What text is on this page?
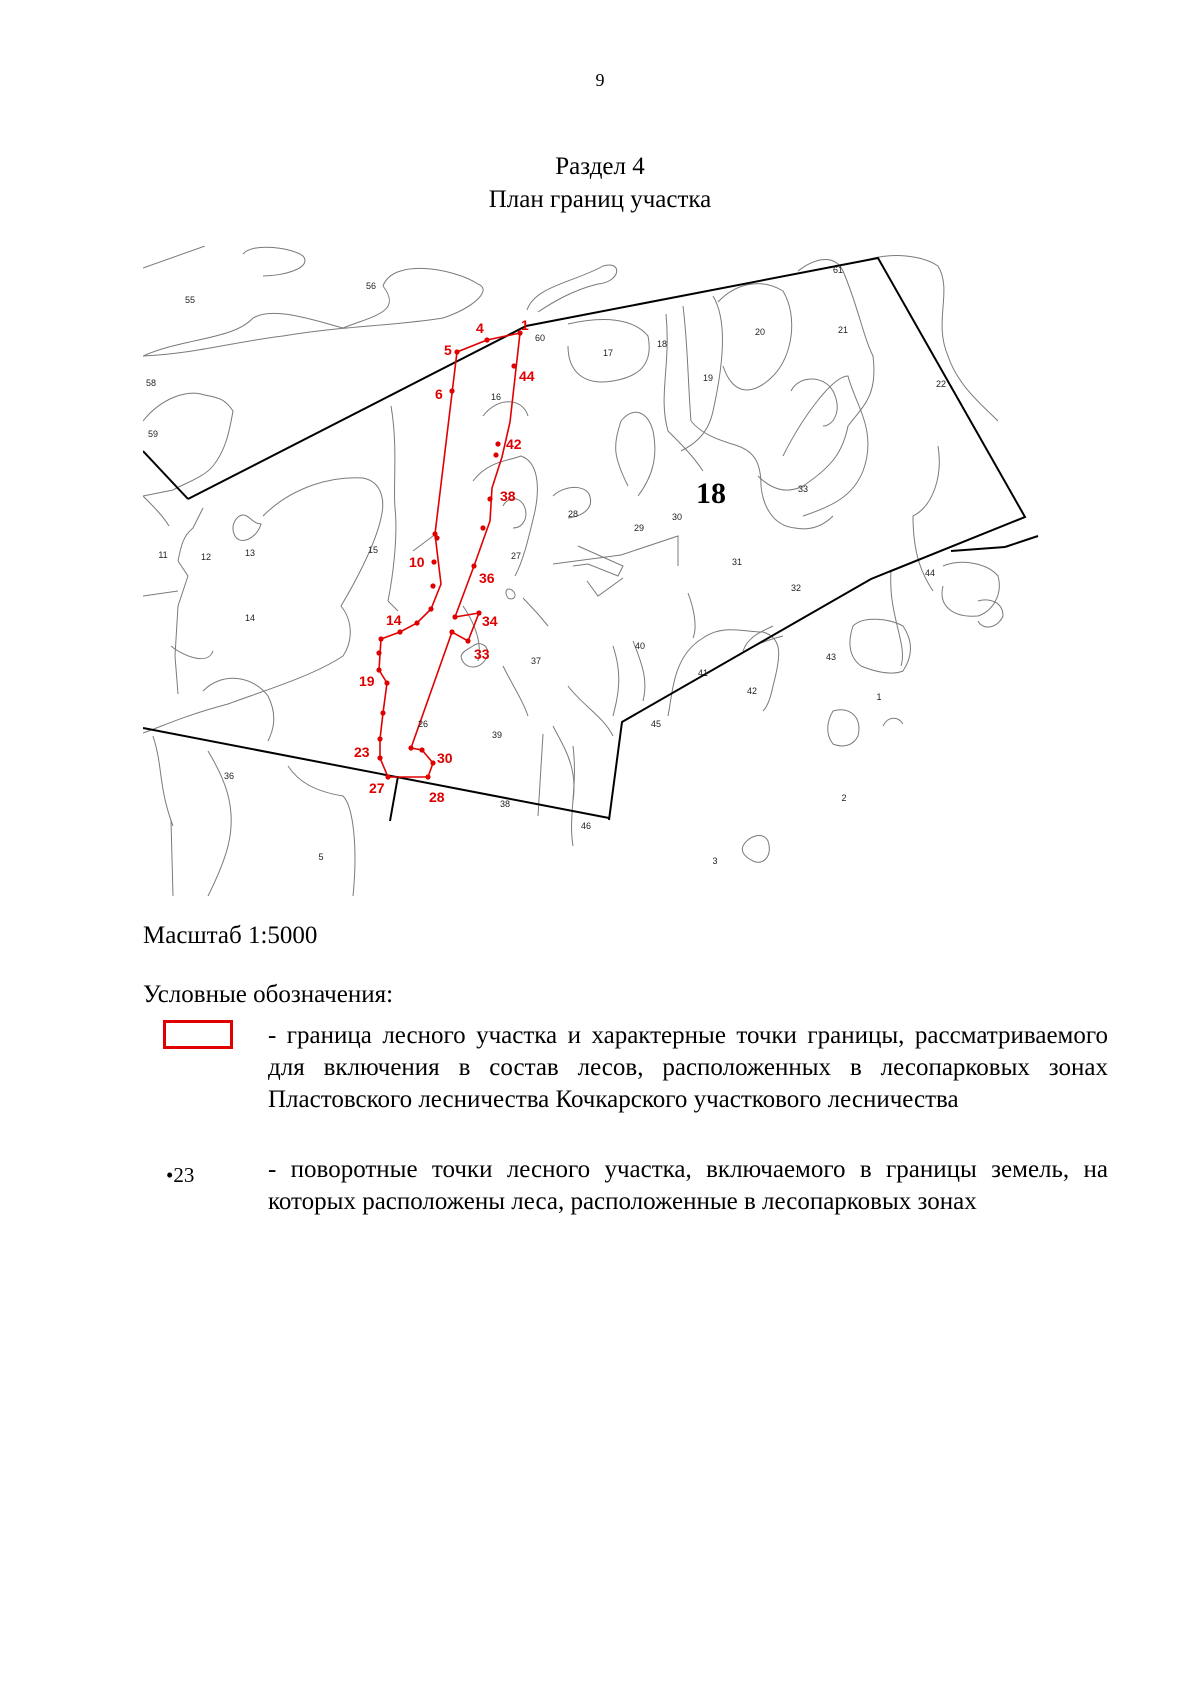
9
Раздел 4
План границ участка
55
56
61
60
17
18
19
20	21
22
58
59
16
33
28
29
30
11	12	13	15
27
31
32
44
14
40
37
41
42
43
1
45
26
39
36
38
46
2
5	3
1
4
5
44
6
42
38
10
36
14	34
33
19
23	30
27
28
18
Масштаб 1:5000
Условные обозначения:
- граница лесного участка и характерные точки границы, рассматриваемого для включения в состав лесов, расположенных в лесопарковых зонах Пластовского лесничества Кочкарского участкового лесничества
•23	- поворотные точки лесного участка, включаемого в границы земель, на которых расположены леса, расположенные в лесопарковых зонах
